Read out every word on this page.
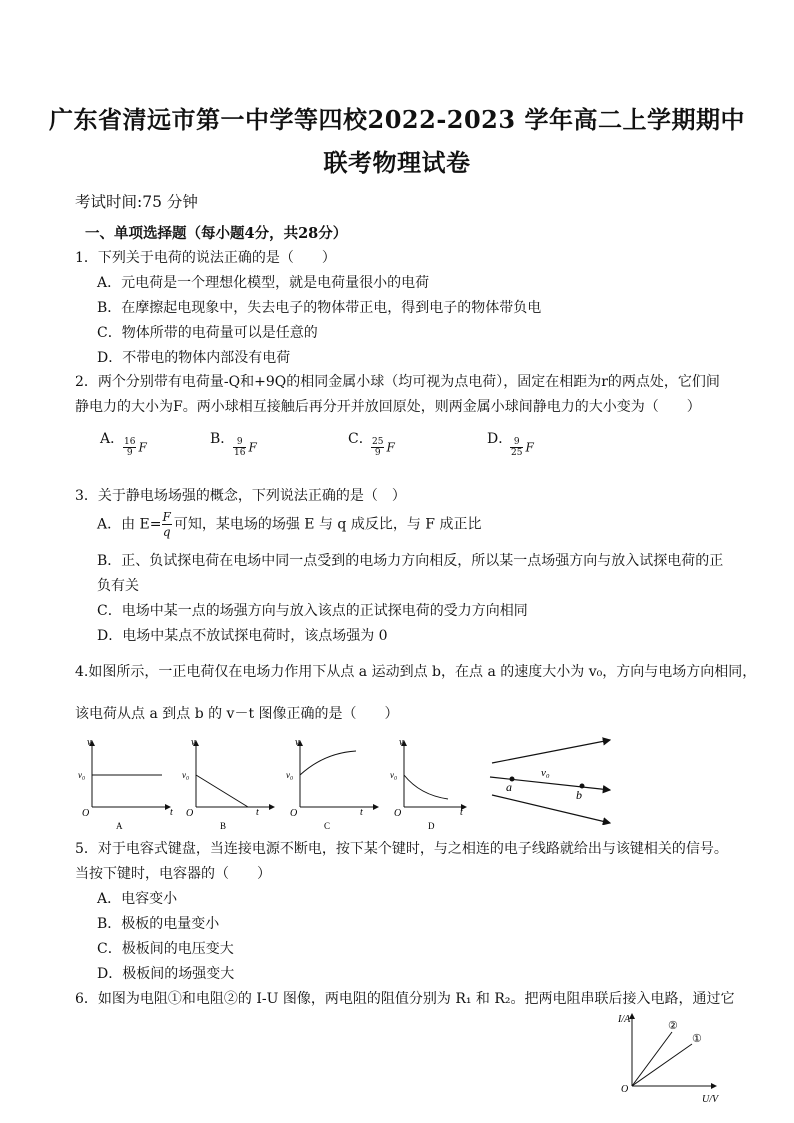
广东省清远市第一中学等四校2022-2023 学年高二上学期期中
联考物理试卷
考试时间:75 分钟
一、单项选择题（每小题4分，共28分）
1．下列关于电荷的说法正确的是（　　）
A．元电荷是一个理想化模型，就是电荷量很小的电荷
B．在摩擦起电现象中，失去电子的物体带正电，得到电子的物体带负电
C．物体所带的电荷量可以是任意的
D．不带电的物体内部没有电荷
2．两个分别带有电荷量-Q和+9Q的相同金属小球（均可视为点电荷），固定在相距为r的两点处，它们间
静电力的大小为F。两小球相互接触后再分开并放回原处，则两金属小球间静电力的大小变为（　　）
A．
$\frac{16}{9}$ F
B．
$\frac{9}{16}$ F
C．
$\frac{25}{9}$ F
D．
$\frac{9}{25}$ F
3．关于静电场场强的概念，下列说法正确的是（　）
A．由 $E= \frac{F}{q}$ 可知，某电场的场强 E 与 q 成反比，与 F 成正比
B．正、负试探电荷在电场中同一点受到的电场力方向相反，所以某一点场强方向与放入试探电荷的正
负有关
C．电场中某一点的场强方向与放入该点的正试探电荷的受力方向相同
D．电场中某点不放试探电荷时，该点场强为 0
4.如图所示，一正电荷仅在电场力作用下从点 a 运动到点 b，在点 a 的速度大小为 v₀，方向与电场方向相同，
该电荷从点 a 到点 b 的 v－t 图像正确的是（　　）
v
t
O
v₀
A
v
t
O
v₀
B
v
t
O
v₀
C
v
t
O
v₀
D
a
b
v₀
5．对于电容式键盘，当连接电源不断电，按下某个键时，与之相连的电子线路就给出与该键相关的信号。
当按下键时，电容器的（　　）
A．电容变小
B．极板的电量变小
C．极板间的电压变大
D．极板间的场强变大
6．如图为电阻①和电阻②的 I-U 图像，两电阻的阻值分别为 R₁ 和 R₂。把两电阻串联后接入电路，通过它
I/A
U/V
O
②
①
